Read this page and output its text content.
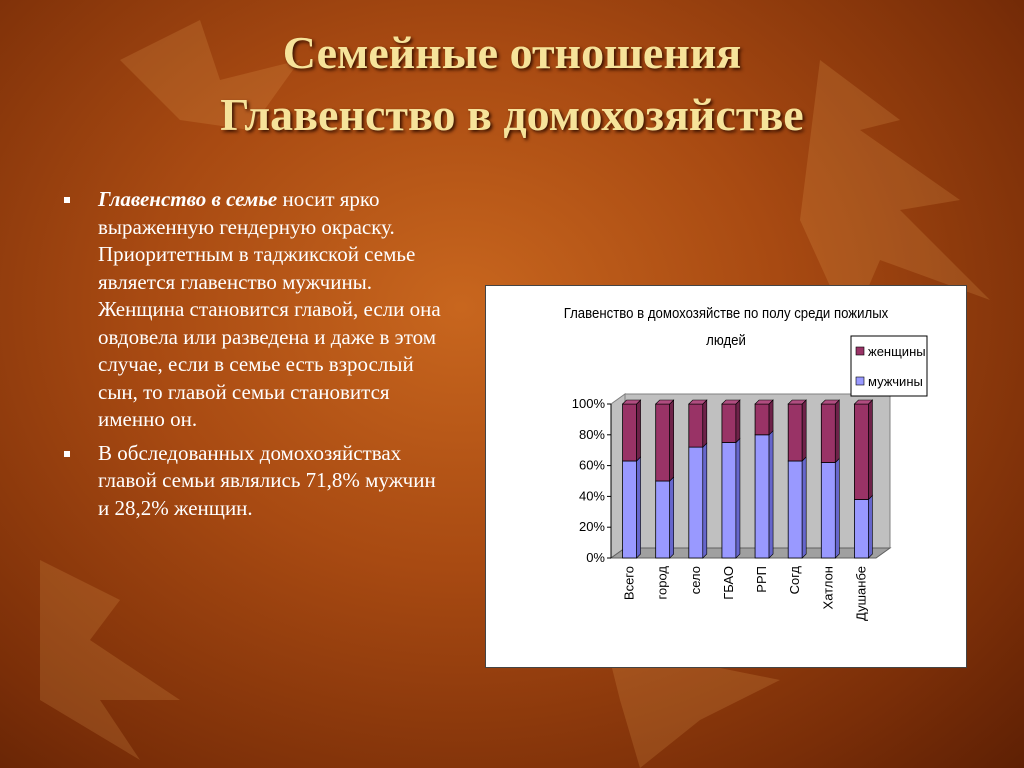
Семейные отношения
Главенство в домохозяйстве
Главенство в семье носит ярко выраженную гендерную окраску. Приоритетным в таджикской семье является главенство мужчины. Женщина становится главой, если она овдовела или разведена и даже в этом случае, если в семье есть взрослый сын, то главой семьи становится именно он.
В обследованных домохозяйствах главой семьи являлись 71,8% мужчин и 28,2% женщин.
Главенство в домохозяйстве по полу среди пожилых людей
0%
20%
40%
60%
80%
100%
Всего город село ГБАО РРП Согд Хатлон Душанбе
женщины
мужчины
